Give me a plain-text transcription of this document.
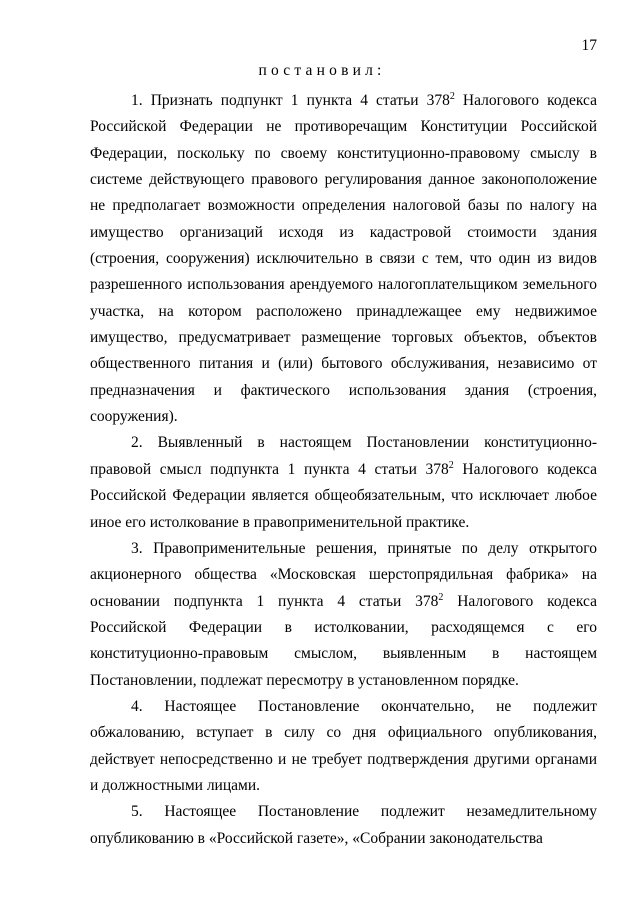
17
постановил:

1. Признать подпункт 1 пункта 4 статьи $378^2$ Налогового кодекса Российской Федерации не противоречащим Конституции Российской Федерации, поскольку по своему конституционно-правовому смыслу в системе действующего правового регулирования данное законоположение не предполагает возможности определения налоговой базы по налогу на имущество организаций исходя из кадастровой стоимости здания (строения, сооружения) исключительно в связи с тем, что один из видов разрешенного использования арендуемого налогоплательщиком земельного участка, на котором расположено принадлежащее ему недвижимое имущество, предусматривает размещение торговых объектов, объектов общественного питания и (или) бытового обслуживания, независимо от предназначения и фактического использования здания (строения, сооружения).

2. Выявленный в настоящем Постановлении конституционно-правовой смысл подпункта 1 пункта 4 статьи $378^2$ Налогового кодекса Российской Федерации является общеобязательным, что исключает любое иное его истолкование в правоприменительной практике.

3. Правоприменительные решения, принятые по делу открытого акционерного общества «Московская шерстопрядильная фабрика» на основании подпункта 1 пункта 4 статьи $378^2$ Налогового кодекса Российской Федерации в истолковании, расходящемся с его конституционно-правовым смыслом, выявленным в настоящем Постановлении, подлежат пересмотру в установленном порядке.

4. Настоящее Постановление окончательно, не подлежит обжалованию, вступает в силу со дня официального опубликования, действует непосредственно и не требует подтверждения другими органами и должностными лицами.

5. Настоящее Постановление подлежит незамедлительному опубликованию в «Российской газете», «Собрании законодательства
